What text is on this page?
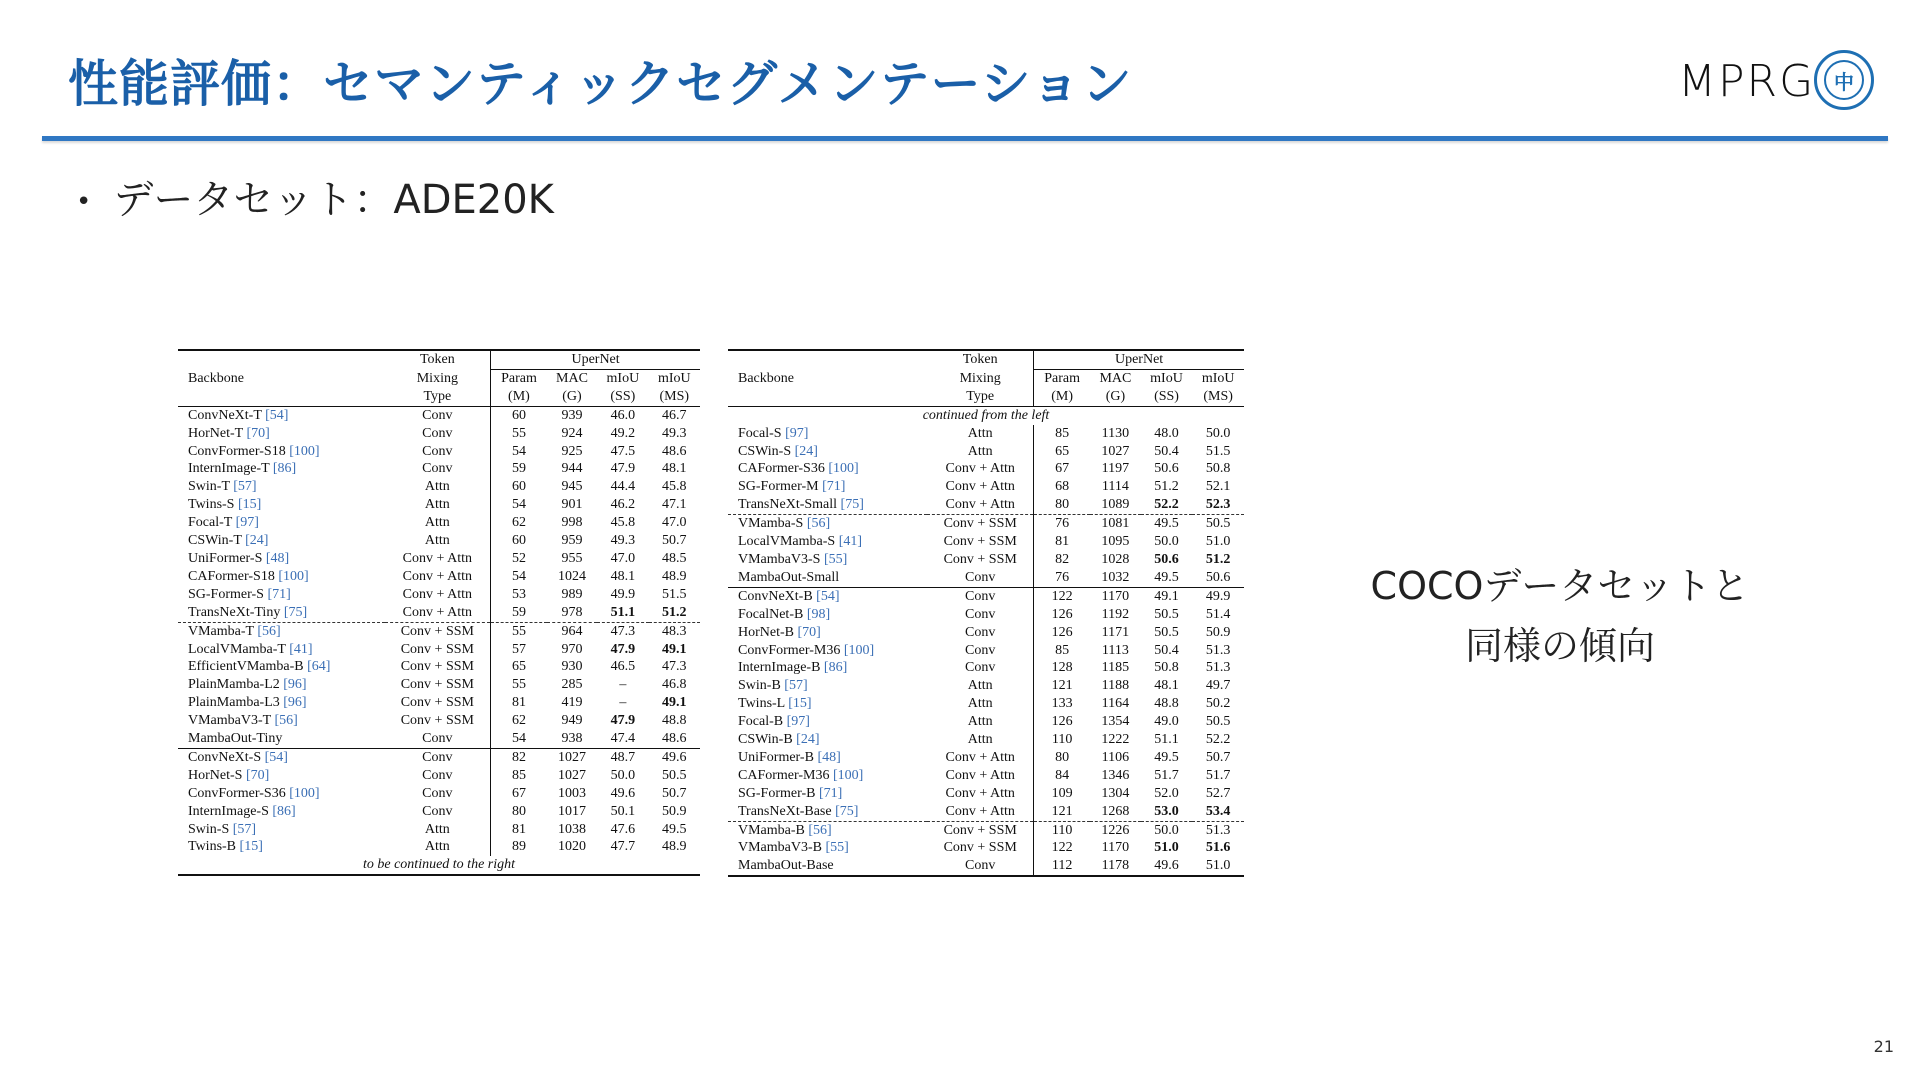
性能評価：セマンティックセグメンテーション	MPRG 中
• データセット：ADE20K
	Token	UperNet			
Backbone	Mixing	Param	MAC	mIoU	mIoU
	Type	(M)	(G)	(SS)	(MS)
ConvNeXt-T [54]	Conv	60	939	46.0	46.7
HorNet-T [70]	Conv	55	924	49.2	49.3
ConvFormer-S18 [100]	Conv	54	925	47.5	48.6
InternImage-T [86]	Conv	59	944	47.9	48.1
Swin-T [57]	Attn	60	945	44.4	45.8
Twins-S [15]	Attn	54	901	46.2	47.1
Focal-T [97]	Attn	62	998	45.8	47.0
CSWin-T [24]	Attn	60	959	49.3	50.7
UniFormer-S [48]	Conv + Attn	52	955	47.0	48.5
CAFormer-S18 [100]	Conv + Attn	54	1024	48.1	48.9
SG-Former-S [71]	Conv + Attn	53	989	49.9	51.5
TransNeXt-Tiny [75]	Conv + Attn	59	978	51.1	51.2
VMamba-T [56]	Conv + SSM	55	964	47.3	48.3
LocalVMamba-T [41]	Conv + SSM	57	970	47.9	49.1
EfficientVMamba-B [64]	Conv + SSM	65	930	46.5	47.3
PlainMamba-L2 [96]	Conv + SSM	55	285	–	46.8
PlainMamba-L3 [96]	Conv + SSM	81	419	–	49.1
VMambaV3-T [56]	Conv + SSM	62	949	47.9	48.8
MambaOut-Tiny	Conv	54	938	47.4	48.6
ConvNeXt-S [54]	Conv	82	1027	48.7	49.6
HorNet-S [70]	Conv	85	1027	50.0	50.5
ConvFormer-S36 [100]	Conv	67	1003	49.6	50.7
InternImage-S [86]	Conv	80	1017	50.1	50.9
Swin-S [57]	Attn	81	1038	47.6	49.5
Twins-B [15]	Attn	89	1020	47.7	48.9
to be continued to the right					
	Token	UperNet			
Backbone	Mixing	Param	MAC	mIoU	mIoU
	Type	(M)	(G)	(SS)	(MS)
continued from the left					
Focal-S [97]	Attn	85	1130	48.0	50.0
CSWin-S [24]	Attn	65	1027	50.4	51.5
CAFormer-S36 [100]	Conv + Attn	67	1197	50.6	50.8
SG-Former-M [71]	Conv + Attn	68	1114	51.2	52.1
TransNeXt-Small [75]	Conv + Attn	80	1089	52.2	52.3
VMamba-S [56]	Conv + SSM	76	1081	49.5	50.5
LocalVMamba-S [41]	Conv + SSM	81	1095	50.0	51.0
VMambaV3-S [55]	Conv + SSM	82	1028	50.6	51.2
MambaOut-Small	Conv	76	1032	49.5	50.6
ConvNeXt-B [54]	Conv	122	1170	49.1	49.9
FocalNet-B [98]	Conv	126	1192	50.5	51.4
HorNet-B [70]	Conv	126	1171	50.5	50.9
ConvFormer-M36 [100]	Conv	85	1113	50.4	51.3
InternImage-B [86]	Conv	128	1185	50.8	51.3
Swin-B [57]	Attn	121	1188	48.1	49.7
Twins-L [15]	Attn	133	1164	48.8	50.2
Focal-B [97]	Attn	126	1354	49.0	50.5
CSWin-B [24]	Attn	110	1222	51.1	52.2
UniFormer-B [48]	Conv + Attn	80	1106	49.5	50.7
CAFormer-M36 [100]	Conv + Attn	84	1346	51.7	51.7
SG-Former-B [71]	Conv + Attn	109	1304	52.0	52.7
TransNeXt-Base [75]	Conv + Attn	121	1268	53.0	53.4
VMamba-B [56]	Conv + SSM	110	1226	50.0	51.3
VMambaV3-B [55]	Conv + SSM	122	1170	51.0	51.6
MambaOut-Base	Conv	112	1178	49.6	51.0
COCOデータセットと
同様の傾向
21
